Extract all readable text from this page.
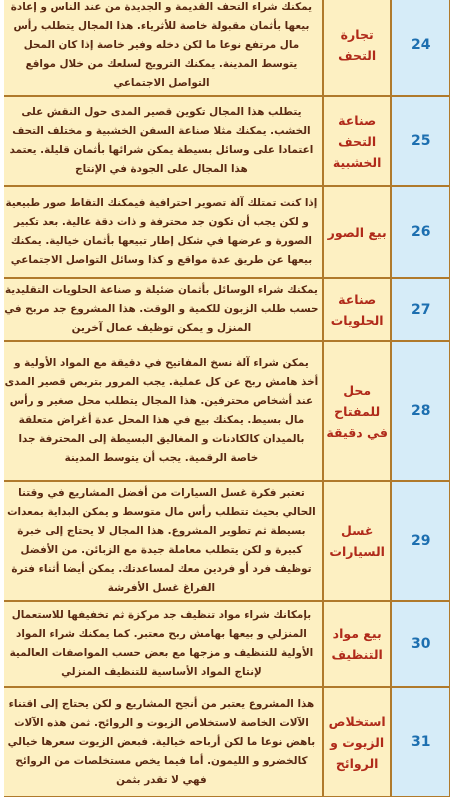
يمكنك شراء التحف القديمة و الجديدة من عند الناس و إعادة بيعها بأثمان مقبولة خاصة للأثرياء. هذا المجال يتطلب رأس مال مرتفع نوعا ما لكن دخله وفير خاصة إذا كان المحل يتوسط المدينة. يمكنك الترويج لسلعك من خلال مواقع التواصل الاجتماعي	تجارة التحف	24
يتطلب هذا المجال تكوين قصير المدى حول النقش على الخشب. يمكنك مثلا صناعة السفن الخشبية و مختلف التحف اعتمادا على وسائل بسيطة يمكن شرائها بأثمان قليلة. يعتمد هذا المجال على الجودة في الإنتاج	صناعة التحف الخشبية	25
إذا كنت تمتلك آلة تصوير احترافية فيمكنك التقاط صور طبيعية و لكن يجب أن تكون جد محترفة و ذات دقة عالية. بعد تكبير الصورة و عرضها في شكل إطار تبيعها بأثمان خيالية. يمكنك بيعها عن طريق عدة مواقع و كذا وسائل التواصل الاجتماعي	بيع الصور	26
يمكنك شراء الوسائل بأثمان ضئيلة و صناعة الحلويات التقليدية حسب طلب الزبون للكمية و الوقت. هذا المشروع جد مربح في المنزل و يمكن توظيف عمال آخرين	صناعة الحلويات	27
يمكن شراء آلة نسخ المفاتيح في دقيقة مع المواد الأولية و أخذ هامش ربح عن كل عملية. يجب المرور بتربص قصير المدى عند أشخاص محترفين. هذا المجال يتطلب محل صغير و رأس مال بسيط. يمكنك بيع في هذا المحل عدة أغراض متعلقة بالميدان كالكادنات و المغاليق البسيطة إلى المحترفة جدا خاصة الرقمية. يجب أن يتوسط المدينة	محل للمفتاح في دقيقة	28
تعتبر فكرة غسل السيارات من أفضل المشاريع في وقتنا الحالي بحيث تتطلب رأس مال متوسط و يمكن البداية بمعدات بسيطة ثم تطوير المشروع. هذا المجال لا يحتاج إلى خبرة كبيرة و لكن يتطلب معاملة جيدة مع الزبائن. من الأفضل توظيف فرد أو فردين معك لمساعدتك. يمكن أيضا أثناء فترة الفراغ غسل الأفرشة	غسل السيارات	29
بإمكانك شراء مواد تنظيف جد مركزة ثم تخفيفها للاستعمال المنزلي و بيعها بهامش ربح معتبر. كما يمكنك شراء المواد الأولية للتنظيف و مزجها مع بعض حسب المواصفات العالمية لإنتاج المواد الأساسية للتنظيف المنزلي	بيع مواد التنظيف	30
هذا المشروع يعتبر من أنجح المشاريع و لكن يحتاج إلى اقتناء الآلات الخاصة لاستخلاص الزيوت و الروائح. ثمن هذه الآلات باهض نوعا ما لكن أرباحه خيالية. فبعض الزيوت سعرها خيالي كالخضرو و الليمون. أما فيما يخص مستخلصات من الروائح فهي لا تقدر بثمن	استخلاص الزيوت و الروائح	31
